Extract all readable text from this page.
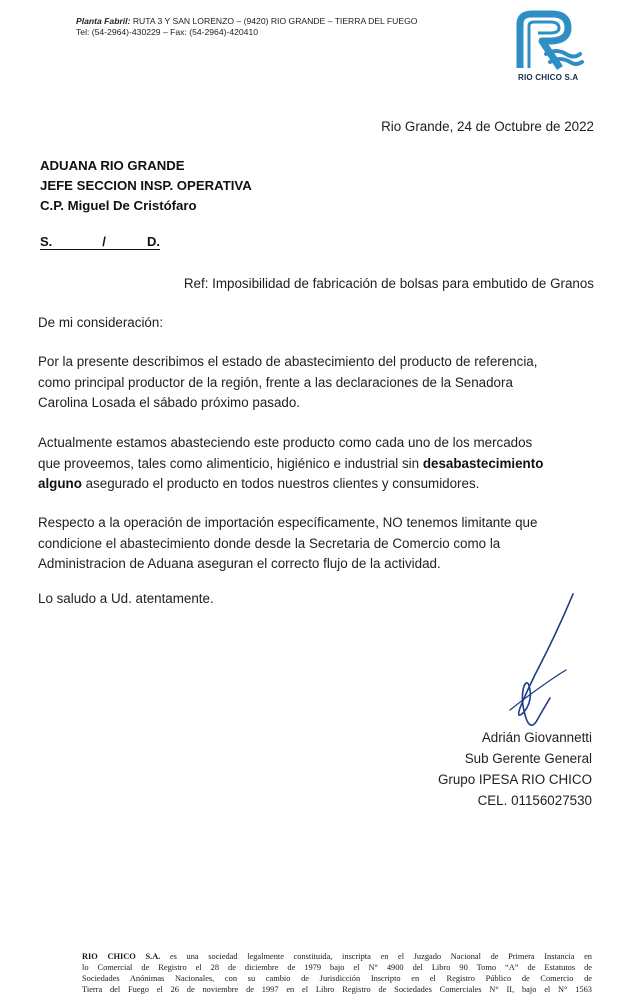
Planta Fabril: RUTA 3 Y SAN LORENZO – (9420) RIO GRANDE – TIERRA DEL FUEGO
Tel: (54-2964)-430229 – Fax: (54-2964)-420410
RIO CHICO S.A
Rio Grande, 24 de Octubre de 2022
ADUANA RIO GRANDE
JEFE SECCION INSP. OPERATIVA
C.P. Miguel De Cristófaro
S.	/	D.
Ref: Imposibilidad de fabricación de bolsas para embutido de Granos
De mi consideración:
Por la presente describimos el estado de abastecimiento del producto de referencia,
como principal productor de la región, frente a las declaraciones de la Senadora
Carolina Losada el sábado próximo pasado.
Actualmente estamos abasteciendo este producto como cada uno de los mercados
que proveemos, tales como alimenticio, higiénico e industrial sin desabastecimiento
alguno asegurado el producto en todos nuestros clientes y consumidores.
Respecto a la operación de importación específicamente, NO tenemos limitante que
condicione el abastecimiento donde desde la Secretaria de Comercio como la
Administracion de Aduana aseguran el correcto flujo de la actividad.
Lo saludo a Ud. atentamente.
Adrián Giovannetti
Sub Gerente General
Grupo IPESA RIO CHICO
CEL. 01156027530
RIO CHICO S.A. es una sociedad legalmente constituida, inscripta en el Juzgado Nacional de Primera Instancia en
lo Comercial de Registro el 28 de diciembre de 1979 bajo el N° 4900 del Libro 90 Tomo “A” de Estatutos de
Sociedades Anónimas Nacionales, con su cambio de Jurisdicción Inscripto en el Registro Público de Comercio de
Tierra del Fuego el 26 de noviembre de 1997 en el Libro Registro de Sociedades Comerciales N° II, bajo el N° 1563
